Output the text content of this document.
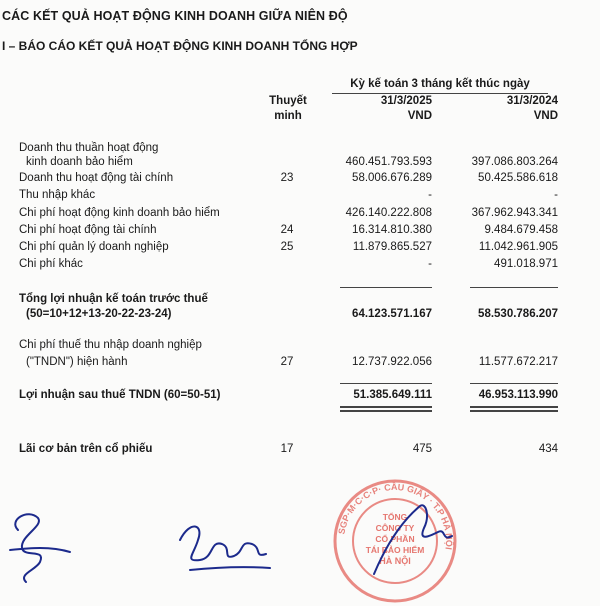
CÁC KẾT QUẢ HOẠT ĐỘNG KINH DOANH GIỮA NIÊN ĐỘ
I – BÁO CÁO KẾT QUẢ HOẠT ĐỘNG KINH DOANH TỔNG HỢP
Kỳ kế toán 3 tháng kết thúc ngày
Thuyết
minh
31/3/2025	31/3/2024
VND	VND
Doanh thu thuần hoạt động
kinh doanh bảo hiểm	460.451.793.593	397.086.803.264
Doanh thu hoạt động tài chính	23	58.006.676.289	50.425.586.618
Thu nhập khác	-	-
Chi phí hoạt động kinh doanh bảo hiểm	426.140.222.808	367.962.943.341
Chi phí hoạt động tài chính	24	16.314.810.380	9.484.679.458
Chi phí quản lý doanh nghiệp	25	11.879.865.527	11.042.961.905
Chi phí khác	-	491.018.971
Tổng lợi nhuận kế toán trước thuế
(50=10+12+13-20-22-23-24)	64.123.571.167	58.530.786.207
Chi phí thuế thu nhập doanh nghiệp
("TNDN") hiện hành	27	12.737.922.056	11.577.672.217
Lợi nhuận sau thuế TNDN (60=50-51)	51.385.649.111	46.953.113.990
Lãi cơ bản trên cổ phiếu	17	475	434
SGP·M·C·C·P· CẦU GIẤY · T.P HÀ NỘI
TỔNG
CÔNG TY
CỔ PHẦN
TÁI BẢO HIỂM
HÀ NỘI
